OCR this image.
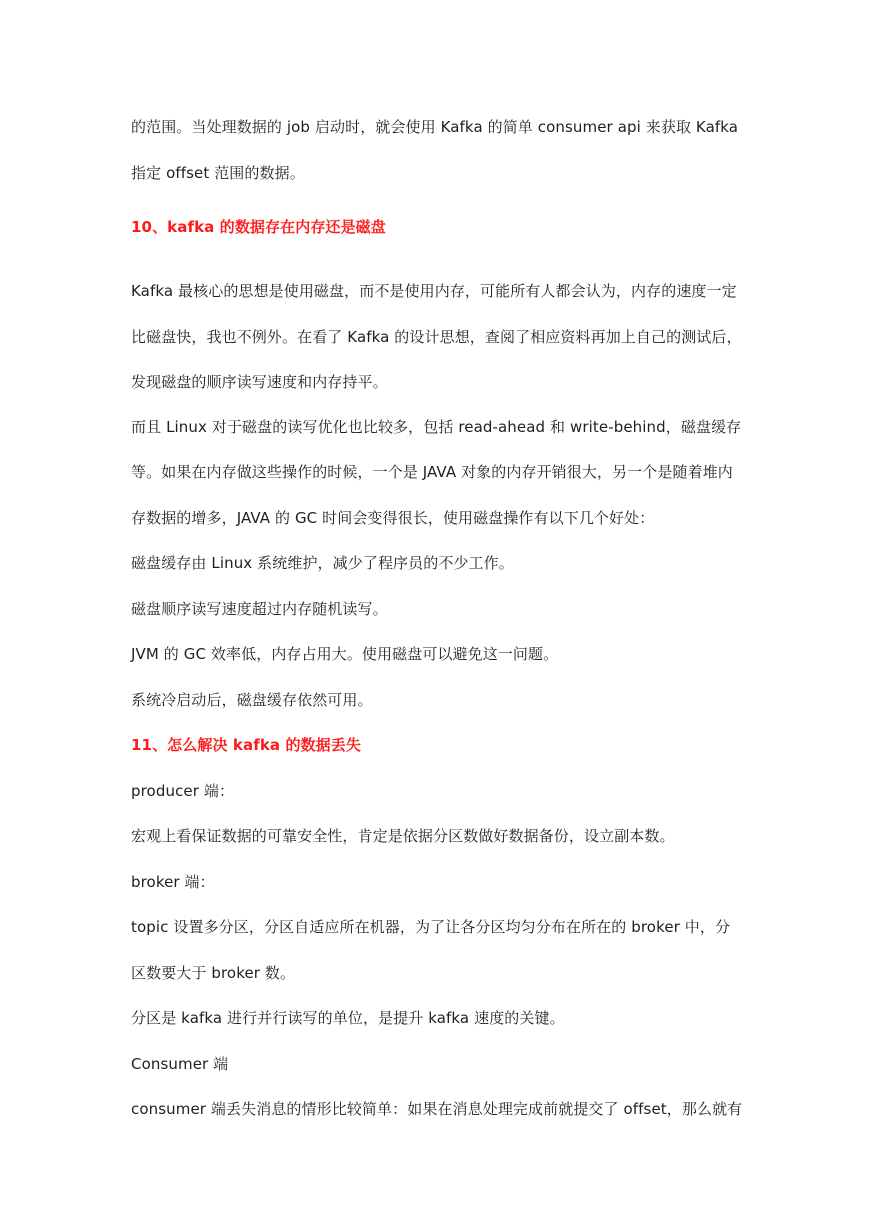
的范围。当处理数据的 job 启动时，就会使用 Kafka 的简单 consumer api 来获取 Kafka
指定 offset 范围的数据。
10、kafka 的数据存在内存还是磁盘
Kafka 最核心的思想是使用磁盘，而不是使用内存，可能所有人都会认为，内存的速度一定
比磁盘快，我也不例外。在看了 Kafka 的设计思想，查阅了相应资料再加上自己的测试后，
发现磁盘的顺序读写速度和内存持平。
而且 Linux 对于磁盘的读写优化也比较多，包括 read-ahead 和 write-behind，磁盘缓存
等。如果在内存做这些操作的时候，一个是 JAVA 对象的内存开销很大，另一个是随着堆内
存数据的增多，JAVA 的 GC 时间会变得很长，使用磁盘操作有以下几个好处：
磁盘缓存由 Linux 系统维护，减少了程序员的不少工作。
磁盘顺序读写速度超过内存随机读写。
JVM 的 GC 效率低，内存占用大。使用磁盘可以避免这一问题。
系统冷启动后，磁盘缓存依然可用。
11、怎么解决 kafka 的数据丢失
producer 端：
宏观上看保证数据的可靠安全性，肯定是依据分区数做好数据备份，设立副本数。
broker 端：
topic 设置多分区，分区自适应所在机器，为了让各分区均匀分布在所在的 broker 中，分
区数要大于 broker 数。
分区是 kafka 进行并行读写的单位，是提升 kafka 速度的关键。
Consumer 端
consumer 端丢失消息的情形比较简单：如果在消息处理完成前就提交了 offset，那么就有
